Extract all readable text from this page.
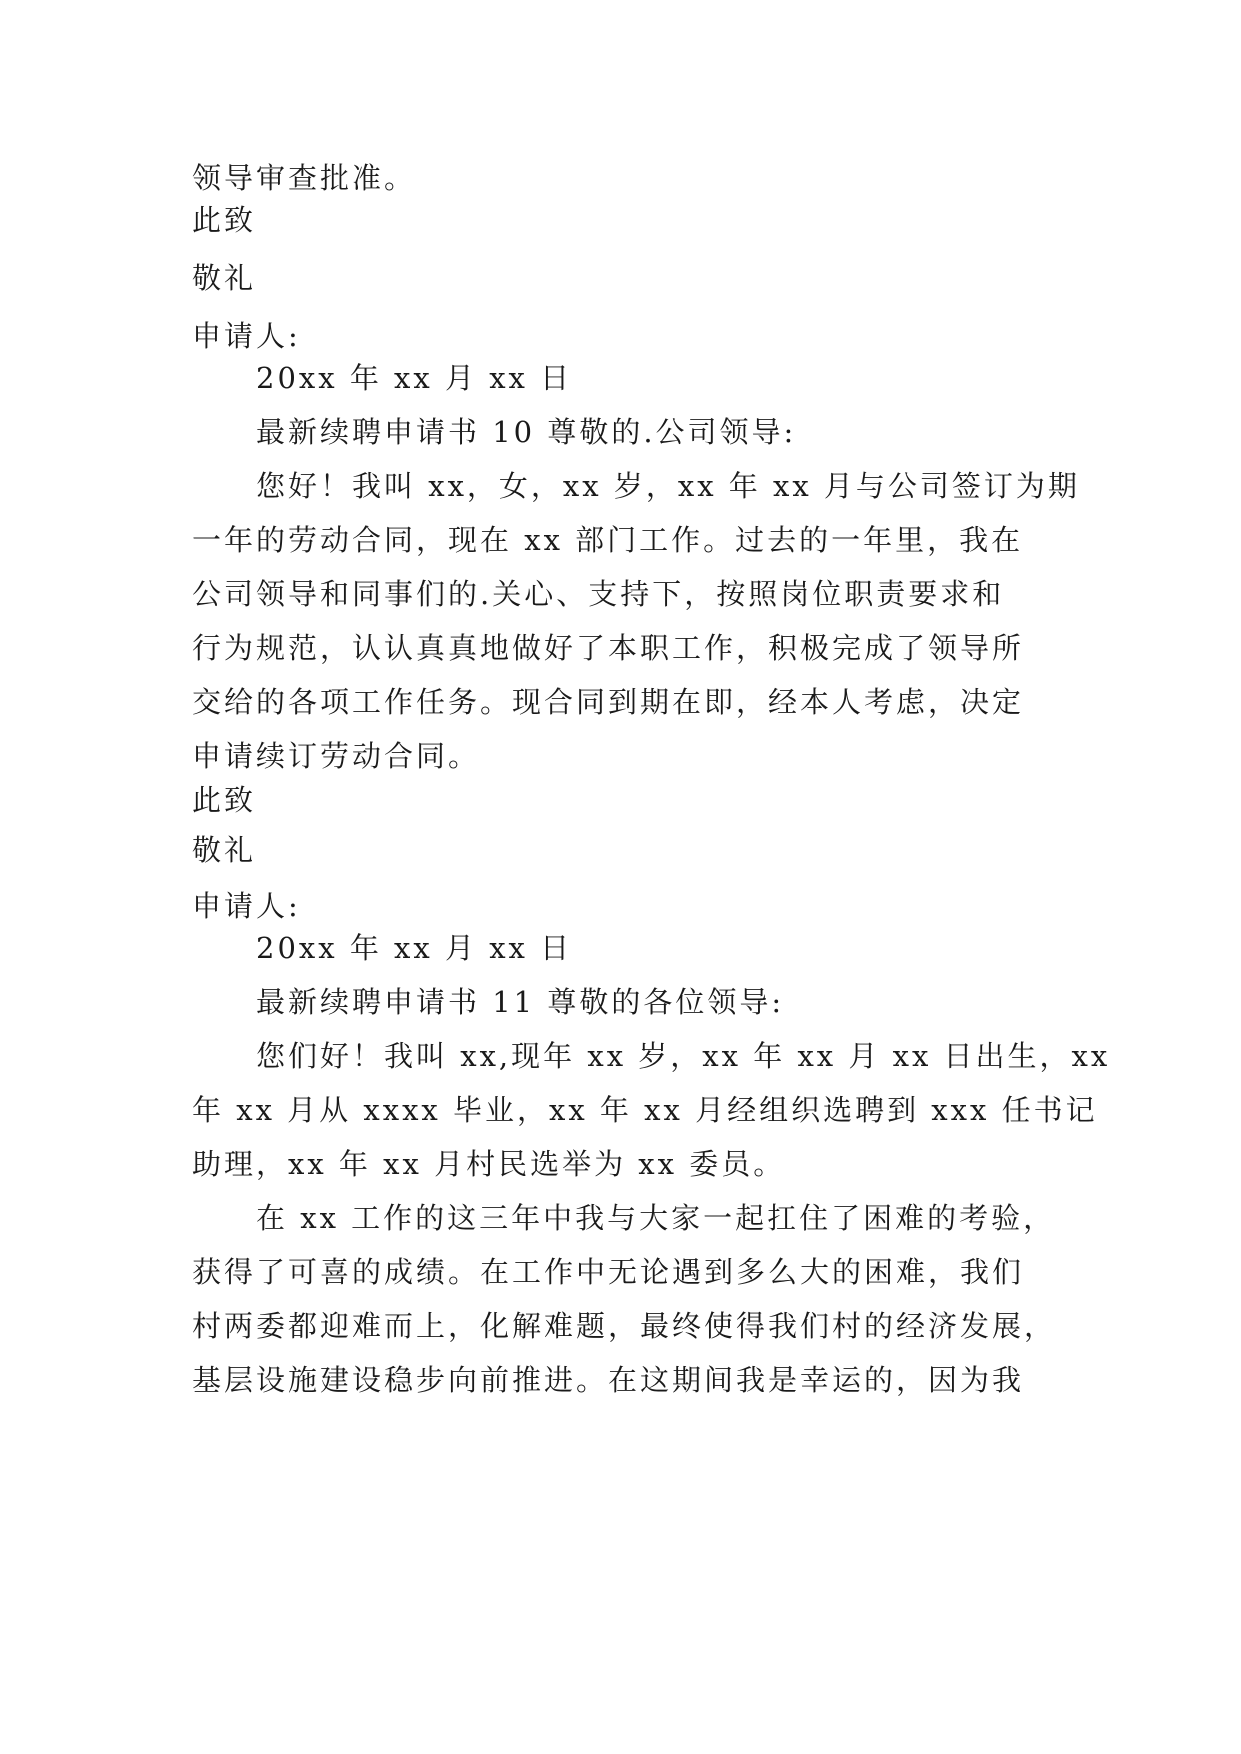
领导审查批准。

此致

敬礼

申请人:

20xx 年 xx 月 xx 日

最新续聘申请书 10 尊敬的.公司领导:

您好！我叫 xx，女，xx 岁，xx 年 xx 月与公司签订为期

一年的劳动合同，现在 xx 部门工作。过去的一年里，我在

公司领导和同事们的.关心、支持下，按照岗位职责要求和

行为规范，认认真真地做好了本职工作，积极完成了领导所

交给的各项工作任务。现合同到期在即，经本人考虑，决定

申请续订劳动合同。

此致

敬礼

申请人:

20xx 年 xx 月 xx 日

最新续聘申请书 11 尊敬的各位领导:

您们好！我叫 xx,现年 xx 岁，xx 年 xx 月 xx 日出生，xx

年 xx 月从 xxxx 毕业，xx 年 xx 月经组织选聘到 xxx 任书记

助理，xx 年 xx 月村民选举为 xx 委员。

在 xx 工作的这三年中我与大家一起扛住了困难的考验，

获得了可喜的成绩。在工作中无论遇到多么大的困难，我们

村两委都迎难而上，化解难题，最终使得我们村的经济发展，

基层设施建设稳步向前推进。在这期间我是幸运的，因为我
